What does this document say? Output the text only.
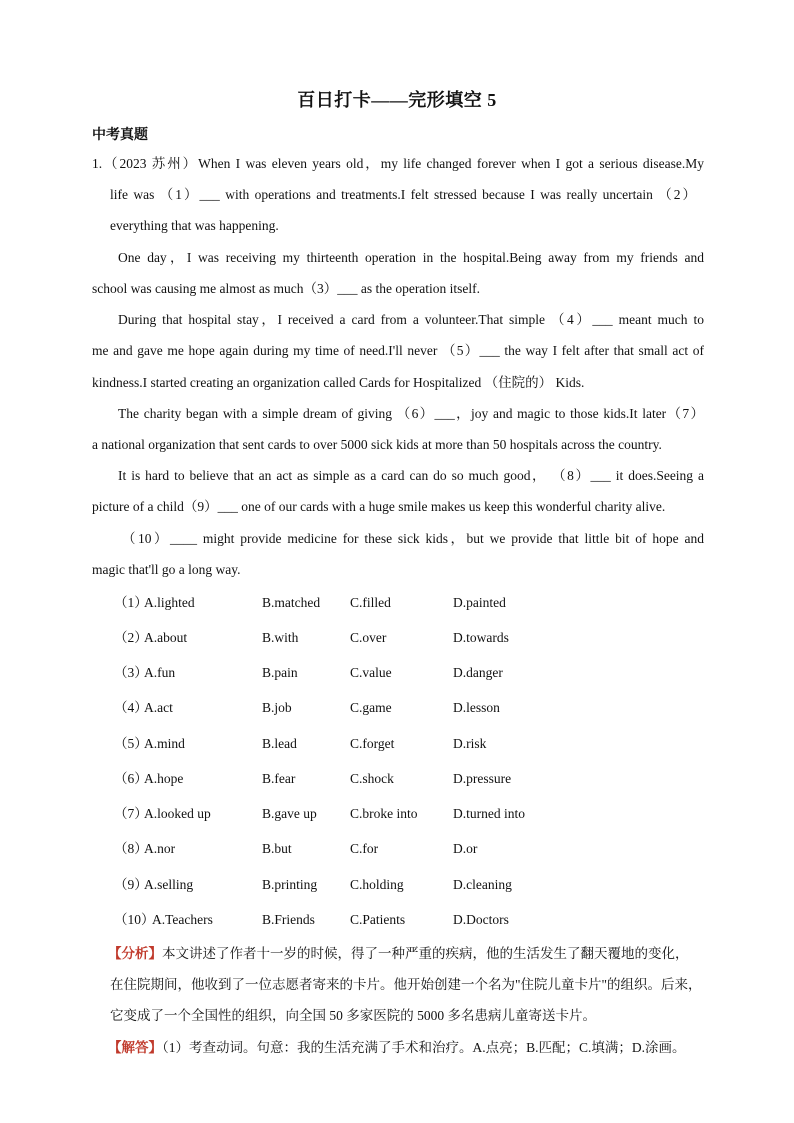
百日打卡——完形填空 5
中考真题
1.（2023 苏州）When I was eleven years old，my life changed forever when I got a serious disease.My
life was （1）___ with operations and treatments.I felt stressed because I was really uncertain （2）
everything that was happening.
One day，I was receiving my thirteenth operation in the hospital.Being away from my friends and
school was causing me almost as much（3）___ as the operation itself.
During that hospital stay，I received a card from a volunteer.That simple （4）___ meant much to
me and gave me hope again during my time of need.I'll never （5）___ the way I felt after that small act of
kindness.I started creating an organization called Cards for Hospitalized （住院的） Kids.
The charity began with a simple dream of giving （6）___，joy and magic to those kids.It later（7）
a national organization that sent cards to over 5000 sick kids at more than 50 hospitals across the country.
It is hard to believe that an act as simple as a card can do so much good， （8）___ it does.Seeing a
picture of a child（9）___ one of our cards with a huge smile makes us keep this wonderful charity alive.
（10）____ might provide medicine for these sick kids，but we provide that little bit of hope and
magic that'll go a long way.
（1）
A.lighted	B.matched C.filled	D.painted
（2）
A.about	B.with	C.over	D.towards
（3）
A.fun	B.pain	C.value	D.danger
（4）
A.act	B.job	C.game	D.lesson
（5）
A.mind	B.lead	C.forget	D.risk
（6）
A.hope	B.fear	C.shock	D.pressure
（7）
A.looked up	B.gave up C.broke into	D.turned into
（8）
A.nor	B.but	C.for	D.or
（9）
A.selling	B.printing C.holding	D.cleaning
（10）
A.Teachers	B.Friends	C.Patients	D.Doctors
【分析】本文讲述了作者十一岁的时候，得了一种严重的疾病，他的生活发生了翻天覆地的变化，
在住院期间，他收到了一位志愿者寄来的卡片。他开始创建一个名为"住院儿童卡片"的组织。后来，
它变成了一个全国性的组织，向全国 50 多家医院的 5000 多名患病儿童寄送卡片。
【解答】（1）考查动词。句意：我的生活充满了手术和治疗。A.点亮；B.匹配；C.填满；D.涂画。
